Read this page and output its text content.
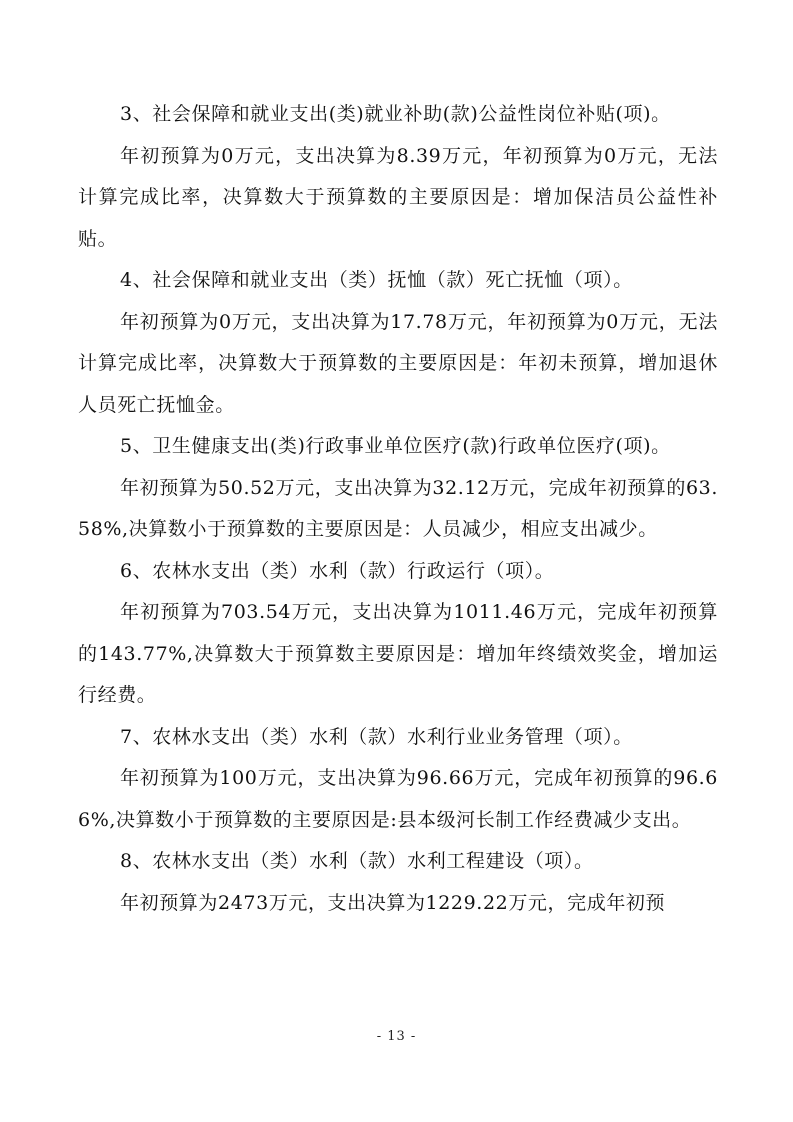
3、社会保障和就业支出(类)就业补助(款)公益性岗位补贴(项)。

年初预算为0万元，支出决算为8.39万元，年初预算为0万元，无法计算完成比率，决算数大于预算数的主要原因是：增加保洁员公益性补贴。

4、社会保障和就业支出（类）抚恤（款）死亡抚恤（项）。

年初预算为0万元，支出决算为17.78万元，年初预算为0万元，无法计算完成比率，决算数大于预算数的主要原因是：年初未预算，增加退休人员死亡抚恤金。

5、卫生健康支出(类)行政事业单位医疗(款)行政单位医疗(项)。

年初预算为50.52万元，支出决算为32.12万元，完成年初预算的63.58%,决算数小于预算数的主要原因是：人员减少，相应支出减少。

6、农林水支出（类）水利（款）行政运行（项）。

年初预算为703.54万元，支出决算为1011.46万元，完成年初预算的143.77%,决算数大于预算数主要原因是：增加年终绩效奖金，增加运行经费。

7、农林水支出（类）水利（款）水利行业业务管理（项）。

年初预算为100万元，支出决算为96.66万元，完成年初预算的96.66%,决算数小于预算数的主要原因是:县本级河长制工作经费减少支出。

8、农林水支出（类）水利（款）水利工程建设（项）。

年初预算为2473万元，支出决算为1229.22万元，完成年初预

- 13 -
